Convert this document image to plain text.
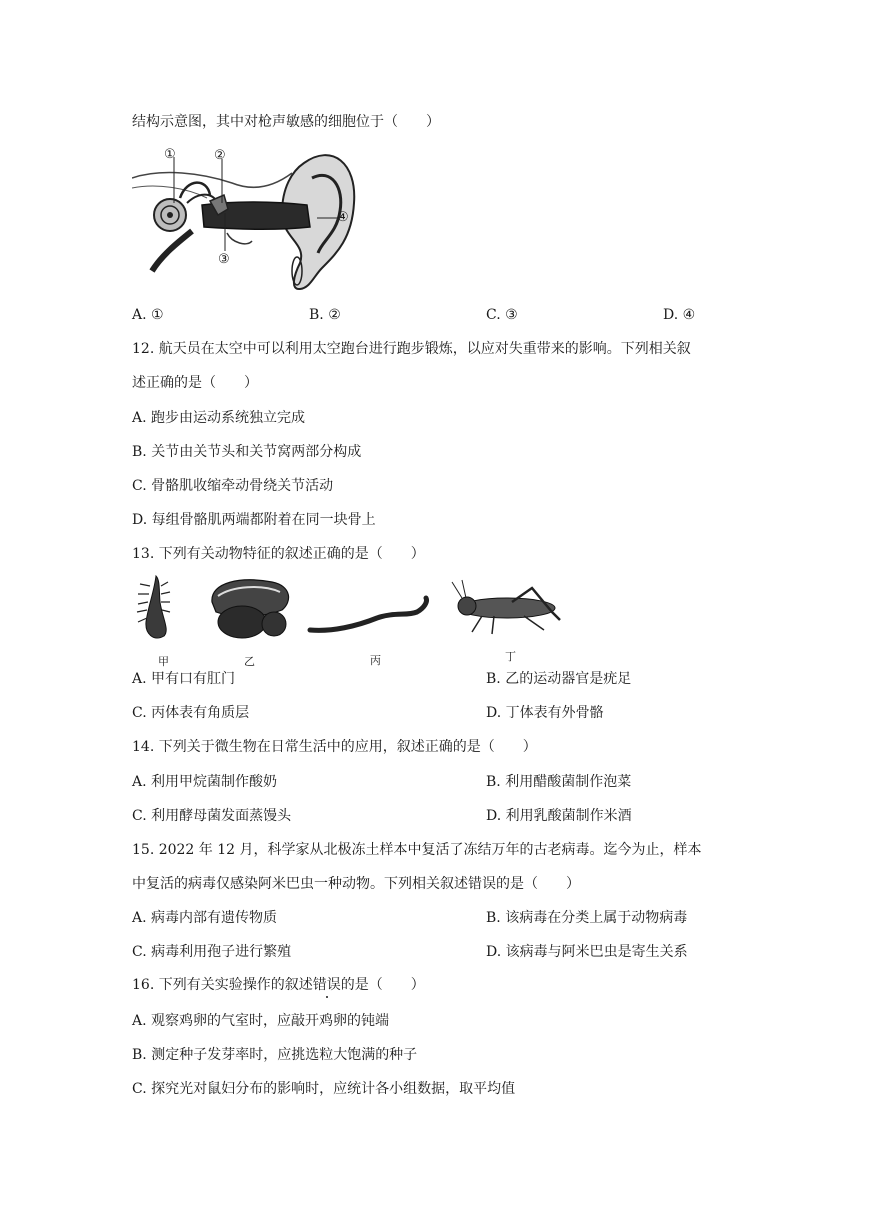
结构示意图，其中对枪声敏感的细胞位于（　　）
①	②
③
④
A. ①	B. ②	C. ③	D. ④
12. 航天员在太空中可以利用太空跑台进行跑步锻炼，以应对失重带来的影响。下列相关叙
述正确的是（　　）
A. 跑步由运动系统独立完成
B. 关节由关节头和关节窝两部分构成
C. 骨骼肌收缩牵动骨绕关节活动
D. 每组骨骼肌两端都附着在同一块骨上
13. 下列有关动物特征的叙述正确的是（　　）
甲	乙	丙	丁
A. 甲有口有肛门	B. 乙的运动器官是疣足
C. 丙体表有角质层	D. 丁体表有外骨骼
14. 下列关于微生物在日常生活中的应用，叙述正确的是（　　）
A. 利用甲烷菌制作酸奶	B. 利用醋酸菌制作泡菜
C. 利用酵母菌发面蒸馒头	D. 利用乳酸菌制作米酒
15. 2022 年 12 月，科学家从北极冻土样本中复活了冻结万年的古老病毒。迄今为止，样本
中复活的病毒仅感染阿米巴虫一种动物。下列相关叙述错误的是（　　）
A. 病毒内部有遗传物质	B. 该病毒在分类上属于动物病毒
C. 病毒利用孢子进行繁殖	D. 该病毒与阿米巴虫是寄生关系
16. 下列有关实验操作的叙述错误的是（　　）
A. 观察鸡卵的气室时，应敲开鸡卵的钝端
B. 测定种子发芽率时，应挑选粒大饱满的种子
C. 探究光对鼠妇分布的影响时，应统计各小组数据，取平均值
